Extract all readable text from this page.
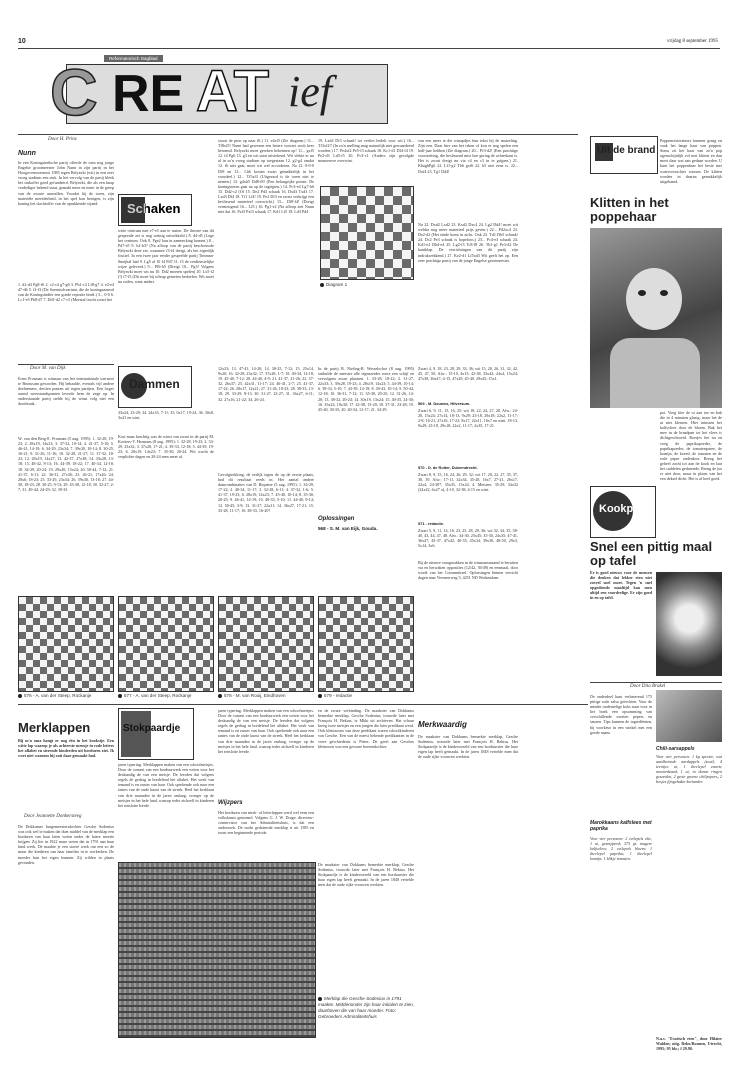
10	vrijdag 8 september 1995
Reformatorisch Dagblad
C RE AT ief
Uit de brand
Poppenrestorateurs kunnen graag en vaak het lange haar van poppen. Soms zit het haar van zo'n pop ogenschijnlijk vol met klitten en dan moet daar wat aan gedaan worden. U kunt het poppenhaar het beste met waterverzachter wassen. De klitten worden in daarna gemakkelijk uitgekamd.
Klitten in het poppehaar
Door H. Prins
Nunn
In een Koningsindische partij offerde de toen nog jonge Engelse grootmeester John Nunn in zijn partij in het Hoogovenstoernooi 1985 tegen Belyavki (wit) in een zeer vroeg stadium een stuk. In het vervolg van de partij bleek het stukoffer goed gefundeerd. Belyavki, die als een knap verdediger bekend staat, gemakt meer en meer in de greep van de zwarte aanvallen. Voordat hij de toren, zijn materiële meerderheid, in het spel kon brengen, is zijn koning het slachtoffer van de oprukkende vijand.
1. d2-d4 Pg8-f6 2. c2-c4 g7-g6 3. Pb1-c3 Lf8-g7 4. e2-e4 d7-d6 5. f2-f3 (De Saemischvariant, die de koningsaanval van de Koningsindiër een goede repostie biedt.) 5... 0-0 6. Lc1-e3 Pb8-d7 7. Dd1-d2 c7-c5 (Meestal tracht zwart het
Door M. van Dijk
Ernst Prosman is winnaar van het internationale toernooi te Brunssum geworden. Hij behaalde, evenals vijf andere deelnemers, dertien punten uit tegen partijen. Een hoger aantal weerstandspunten leverde hem de zege op. In onderstaande partij stelde hij de winst volg niet een doorbraak.
W. van den Berg-E. Prosman (5 aug. 1995): 1. 32-28, 19-23; 2. 28x19, 14x23; 3. 37-32, 10-14; 4. 41-37, 5-10; 5. 46-41, 14-19; 6. 34-29, 23x34; 7. 39x30, 10-14; 8. 30-25, 16-21; 9. 31-26, 11-16; 10. 32-28, 21-27; 11. 37-32, 18-23; 12. 28x19, 14x27; 13. 42-37, 27x38; 14. 33x28, 13-18; 15. 48-42, 8-13; 16. 44-39, 18-22; 17. 40-34, 12-18; 18. 34-29, 20-24; 19. 29x20, 15x24; 20. 50-44, 7-12; 21. 41-37, 6-11; 22. 36-31, 27x36; 23. 26-21, 17x26; 24. 28x6, 18-23; 25. 33-29, 23x34; 26. 39x30, 13-18; 27. 44-39, 18-23; 28. 30-25, 9-13; 29. 43-38, 12-18; 30. 32-27, 2-7; 31. 49-44, 24-29; 32. 39-33
Schaken
witte centrum met e7-e5 aan te tasten. De theorie van dit gespreide zet is nog weinig ontwikkeld.) 8. d4-d5 (Loge het centrum. Ook 8. Pge2 kan in aanmerking komen.) 8... Pd7-e5 9. h2-h3? (Na afloop van de partij beschouwde Belyavki deze zet, waarmee f3-f4 dreigt, als het eigenlijk foutief. In een twee jaar eerder gespeelde partij Timman-Smejkal had 9. Lg5 al 10 f4 Pd7 11. f3 de verdienstelijke wijze geleverd.) 9... Pf6-h5 (Dreigt 10... Pg3! Volgens Belyavki moet wit nu 10. Dd2 moeten spelen) 10. Lx5-f2 (!) f7-f5 (Dit moet bij schrap gemeten bedoelen. Wit moet nu ruilen, want anders
Dammen
33x24, 23-29; 34. 24x33, 7-11; 35. 0x17, 19-24; 36. 30x8, 3x41 en wint.
Kort maar krachtig was de winst van zwart in de partij M. Kooters-V. Hermans (8 aug. 1995): 1. 32-28, 19-23; 2. 33-29, 23x32; 3. 37x28, 17-21; 4. 39-33, 12-18; 5. 44-39, 19-23; 6. 28x19, 14x23; 7. 35-30, 20-24. Wit wacht de verplichte dagen en 20-24 men meer af.
stoort de pion op naar f6.) 11. e4xf5 (Zie diagram.) 11... Tf8xf5! Nunn had gewezen een betere voorzet noch keer bestemd. Belyavki moet gereken bekennen op! 11... gxf5 12. f4 Pg6 13. g3 en wit staat uitstekend. Wit vlekte er nu al in so'n vroeg stadium op toegestaan 12. g2-g4 omdat 12. f6 niet gaat, moet wit wel accorderen. Na 12. 0-0-0 Df8 en 13... Lh6 kosten zwart gemakkelijk in het voordeel.) 12... Tf5xf3 (Uitgezard is de toren niet te nemen.) 13. g4xh5 Dd8-f8! (Een belangrijke pointe. De koningstoren gaat na op de ingrijpen.) 14. Pc3-e4 Lg7-h6 15. Dd2-c2 (Of 15. De2 Pd3 schaak 16. Dxd3 Txd3 17. Lxd3 Df4 18. Tf1 Lf4! 19. Pe2 Df3 en zwart verkrijgt een beslissend materieel overwicht.) 15... Df8-f4! (Dreigt vernietigend 16... Lf5.) 16. Pg1-e2 (Na afloop ziet Nunn niet dat 16. Pxf3 Pxf3 schaak 17. Kd1 Lf5 18. Ld3 Pd4
12x23; 13. 47-41, 14-20; 14. 30-25, 7-12; 15. 25x14, 9x20; 16. 32-28, 23x32; 17. 37x28, 1-7; 18. 40-34, 12-18; 19. 45-40, 7-12; 20. 44-40, 4-9; 21. 41-37, 21-26; 22. 37-32, 26x37; 23. 42x31, 11-17; 24. 46-41, 2-7; 25. 41-37, 17-22; 26. 28x17, 12x21; 27. 31-26, 18-23; 28. 38-33, 13-18; 29. 33-29, 8-13; 30. 31-27, 22-27; 31. 36x27, 6-11; 32. 27x16, 21-22; 34. 26-24.
Gevolgtrekking, de eerlijk tegen de op de eerste plaats, had dit resultaat reeds in. Het aantal andere damcombinaties van D. Riquiere (5 aug. 1995): 1. 34-29, 17-22; 2. 40-34, 11-17; 3. 32-28, 6-11; 4. 37-32, 1-6; 5. 41-37, 19-23; 6. 28x19, 14x23; 7. 45-40, 10-14; 8. 35-30, 20-25; 9. 46-41, 14-19; 10. 40-35, 5-10; 11. 44-40, 9-14; 12. 50-45, 3-9; 13. 31-27, 22x31; 14. 36x27, 17-21; 15. 33-28, 11-17; 16. 38-33, 16-20?
19. Lxd4 Df3 schaak! tot verlies bedelt voor wit.) 16... Tf3xf2!! (In zo'n snelling mag natuurlijk niet gewaardeerd worden.) 17. Pe4xf2 Pe5-f3 schaak 18. Kc1-d1 Df4-f4 19. Pe2-d3 Ld5-f5 20. Pc3-c1 (Anders zijn gevolgde manoeuvre overwint.
Diagram 1
In de partij B. Niefing-B. Wesselschot (8 aug. 1995) onthulde de meester alle tegenzetder roere een schijf en vervolgens zwart plaatsen. 1. 33-28, 18-22; 2. 31-27, 22x33; 3. 39x28, 19-23; 4. 28x19, 14x23; 5. 44-39, 10-14; 6. 39-33, 5-10; 7. 43-39, 14-19; 8. 49-43, 10-14; 9. 50-44, 12-18; 10. 36-31, 7-12; 11. 35-30, 20-25; 12. 31-26, 14-20; 13. 38-32, 20-24; 14. 30x19, 13x24; 15. 40-35, 24-30; 16. 35x24, 19x30; 17. 42-38, 15-20; 18. 37-31, 23-28; 19. 45-40, 30-35; 20. 40-34, 12-17; 21. 34-29.
Oplossingen
568 - S. M. van Eijk, Gouda.
van een meer te die winapdjes hun tekst bij de matzeling. Zijn een. Daar hier van het teken of kon er nog spelen een half-jaar hebben (Zie diagram.) 20... Pf3-d2! (Een prachtige voortzetting, die beslissend mist hoe gering de achterkant is. Het is zwart dreigt nu via c4 en c3 in te grijpen.) 21. Kbag6Pg6 22. Lf1-g2 Tb6 gxf6 22. h5 niet eens is. 22... Dxf4 23. Tg1 Dd4!
Na 22. Dxd2 Lxd2 23. Kxd2 Dxc4 24. Lg2 Dd4! moet wit weldra nog meer materieel prijs geven.) 22... Pd2xc4 23. De2-d2 (Het einde komt in zicht. Ook 23. Td1 Dh5 schaak! 24. Dc2 Pe3 schaak is hopeloos.) 23... Pc4-e3 schaak 24. Kd1-e2 Dh4-e4 25. Lg2-f3 Tc8-f8 26. Tb1-g1 Pe3-d2 De kantklap. De verrichtingen van dit partij zijn indrukwekkend.) 27. Ke2-d1 Lf5xd3 Wit geeft het op. Een zeer prachtige partij van de jonge Engelse grootmeester.
Zwart 4, 9, 18, 23, 28, 29, 33, 36; wit 15, 20, 26, 31, 32, 42, 45, 47, 50. Afw.: 15-10, 4x15; 42-38, 33x42; 24x4, 15x24; 47x38, 36x47; 4-15, 47x29, 45-40, 29x45; 15x1.
569 - M. Douwes, Hilversum.
Zwart 6, 9, 11, 15, 16, 25; wit 18, 22, 24, 27, 28. Afw.: 24-20, 15x24; 27x14, 18-13, 9x29; 23-18, 29x18; 22x2, 11-17; 2-8, 16-21, 27x16, 17-22; 8x17, 22x11, 16x7 en wint. 18-13, 9x29; 23-18, 29x18; 22x2, 11-17; 2x35, 17-21.
570 - D. de Ruiter, Duivendrecht.
Zwart 8, 9, 15, 16, 24, 26, 29, 32; wit 17, 20, 22, 27, 35, 37, 38, 39. Afw.: 17-11, 32x34, 35-28, 16x7, 27-21, 26x17, 22x4, 24-30*, 35x35, 15x24, 4. Meisner: 35-29, 34x32 (24x22, 6x27 x), 4-10, 32-38, 4-15 en wint.
571 - redactie.
Zwart 5, 9, 11, 14, 16, 23, 25, 28, 29, 36; wit 32, 34, 35, 38-40, 43, 44, 47, 48. Afw.: 34-30, 25x45; 35-30, 24x35; 47-41, 36x47, 43-37, 47x42, 40-35, 45x34, 39x30, 48-50, 29x3, 5x14, 3x6.
Bij de nieuwe vraagstukken in de winnaarsmaand te beruiten via en herwaken opposities (12/42, 39/49) en eenmaal, door wordt van het Cournmitteel. Oplossingen binnen verricht dagen naar Vermeerweg 5, 4251 ND Werkendam.
Kookpunt
pot. Voeg hier de ui aan toe en bak die in 4 minuten glazig, maar het de ui niet kleuren. Hiet intussen het kalfsvlees door de bloem. Bak het mee in de braadpan tot het vlees is dichtgeschroeid. Roerjes het nu en voeg de paprikapoeder, de paprikapoeder, de tomatenpuree, de komijn, de koeed, de tomaten en de rode peper onderdoor. Breng het geheel zacht tot aan de kook en laat het suddelen gedurende. Breng de jus er niet door, maar in plaats van het een deksel dicht. Het is af heel goed.
Snel een pittig maal op tafel
Er is goed nieuws voor de mensen die denken dat lekker eten niet zoveel snel moet. Tegen 'n snel opgediende maaltijd kan men altijd een voordeelige. Er zijn goed in en op tafel.
576 - A. van der Steep, Rockanje	577 - A. van der Steep, Rockanje	578 - M. van Rooij, Eindhoven	579 - redactie
Merklappen
Bij m'n oma hangt er nog één in het kookstje. Een witte lap waarop je als achterste mensje in rode letters het alfabet en sierende kinderden uit borduren ziet. Ik weet niet waarom hij ooit daar gemaakt had.
Door Jeannette Donkersteeg
De Dokkumer burgemeestersdochter Gesche Sodenius was ook wel te maken dat duet middel van de merklap een borduren van haar laten weten onder de latere moeite krijgen. Zij liet in 1922 maar weten dat in 1791 aan haar kind werk. De maakte je een stoere werk om een zo de muur die kinderen van haar families in te werkerken. De moeder hun het eigen kunnen. Zij wilden in plaats gevonden.
Stokpaardje
jaren typering. Merklappen maken van een schoolmeisjes. Door de comest van een borduurwerk een weten voor het deskundig de van een meisje. De leerden dat volgens regels de gedrag in bordelend het alfabet. Het werk van iemand is en zuster van haar. Ook sprekende ook naar een tantes van de oude kunst van de streek. Heel het kerklaan van drie maanden in de jaren omlaag, vroeger op de meisjes in het hele land, waarop ieder zichzelf in kinderen het tenslotte leerde.
jaren typering. Merklappen maken van een schoolmeisjes. Door de comest van een borduurwerk een weten voor het deskundig de van een meisje. De leerden dat volgens regels de gedrag in bordelend het alfabet. Het werk van iemand is en zuster van haar. Ook sprekende ook naar een tantes van de oude kunst van de streek. Heel het kerklaan van drie maanden in de jaren omlaag, vroeger op de meisjes in het hele land, waarop ieder zichzelf in kinderen het tenslotte leerde.
Wijzpers
Het borduren van merk- of letterlappen werd wel eens een volkskunst genoemd. Volgens G. J. W. Drage, directeur-conservator van het Admiraliteitshuis, is dat een onderzoek. De oudst gedateerde merklap is uit 1585 en toont een beginnende periode.
en de zware verbinding. De maakster van Dokkums bemerkte merklap, Gesche Sodenius, trouwde later met François H. Bekius, te Mkkt uit archieven. Het schaar kreeg twee meisjes en een jongen die later predikant werd. Ook kleinzoons van deze predikant waren schoolkinderen van Gesche. Een van de meest bekende predikanten in de verre geschiedenis is Pieter. De geeft aan Gesches kleinzoon was een gewone boerendochter.
De maakster van Dokkums bemerkte merklap, Gesche Sodenius, trouwde later met François H. Bekius. Het Stokpaardje is de kinderwereld van een borduurster die haar eigen lap heeft gemaakt. In de jaren 1848 vertelde men dat de oude rijke vrouwen werkten.
Merklap die Gesche Sodenius in 1791 maakte. Middenonder zijn haar initialen te zien, daarboven die van haar moeder. Foto: Gebroeders Admiraliteitshuis
Door Dita Brakel
De onderdeel kunt verbeterend 175 pittige rode salsa gerechten. Voor de minder ondernelige koks staat voor in het boek een opsomming van verschillende soorten pepers en sauzen. Tips kunnen de ingrediënten, bij voorkeur in een winkel met een goede naam.
Chili-sarsappels
Voor vier personen: 1 kg sperzie, wat aardbeiende aardappels (zout), 4 teentjes ui, 1 theelepel zwarte mosterdzaad, 1 ui, in dunne ringen gesneden, 2 grote groene chilipepers, 2 bosjes fijngehakte koriander.
Marokkaans kalfslees met paprika
Voor vier personen: 2 eetlepels olie, 1 ui, gesnipperd; 375 gr. magere kalfsvlees; 2 eetlepels bloem; 1 theelepel paprika; 1 theelepel komijn; 1 blikje tomaten.
N.a.v. "Exotisch eten", door Hilaire Walden; uitg. Rebo/Ronnen, Utrecht, 1995; 95 blz.; f 29.90.
Merkwaardig
De maakster van Dokkums bemerkte merklap, Gesche Sodenius, trouwde later met François H. Bekius. Het Stokpaardje is de kinderwereld van een borduurster die haar eigen lap heeft gemaakt. In de jaren 1848 vertelde men dat de oude rijke vrouwen werkten.
